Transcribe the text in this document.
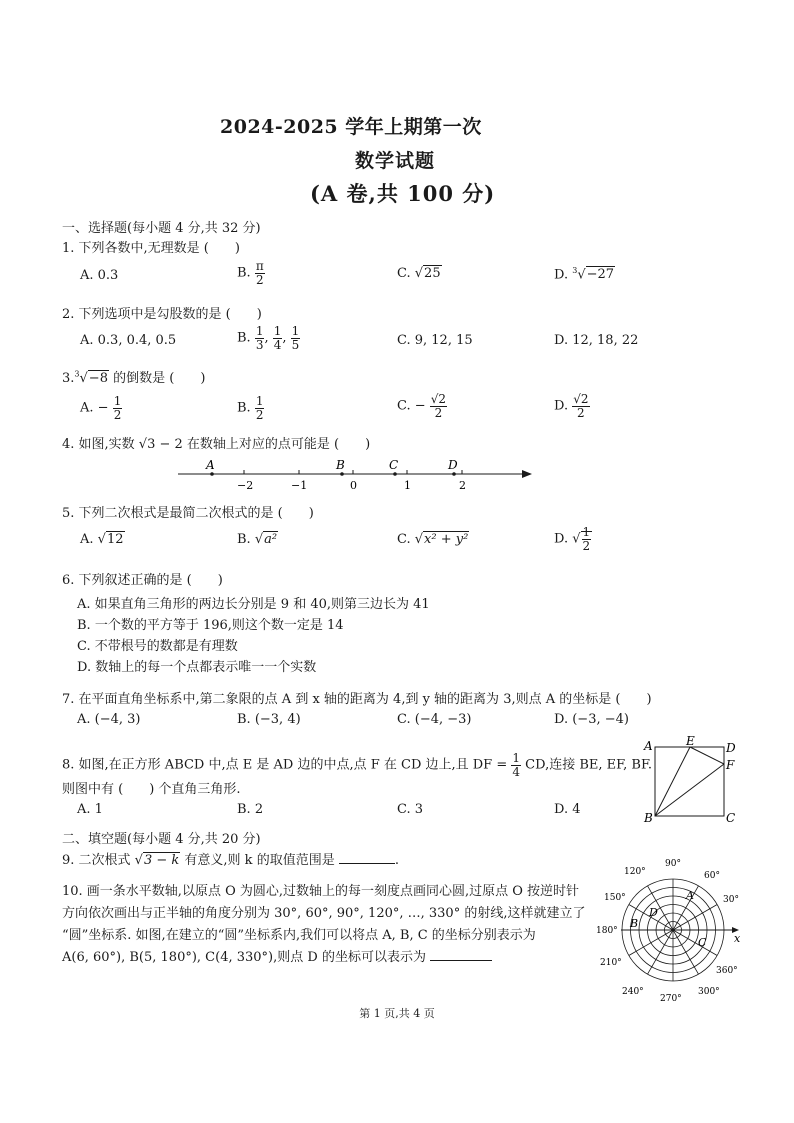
2024-2025 学年上期第一次
数学试题
(A 卷,共 100 分)
一、选择题(每小题 4 分,共 32 分)
1. 下列各数中,无理数是 (　　)
A. 0.3	B. $\frac{\pi}{2}$	C. √25	D. $^3$√−27
2. 下列选项中是勾股数的是 (　　)
A. 0.3, 0.4, 0.5	B. $\frac{1}{3}$ , $\frac{1}{4}$ , $\frac{1}{5}$	C. 9, 12, 15	D. 12, 18, 22
3.$^3$√−8 的倒数是 (　　)
A. − $\frac{1}{2}$	B. $\frac{1}{2}$	C. − $\frac{√2}{2}$	D. $\frac{√2}{2}$
4. 如图,实数 √3 − 2 在数轴上对应的点可能是 (　　)
A	B	C	D
−2	−1	0	1	2
5. 下列二次根式是最简二次根式的是 (　　)
A. √12	B. √a²	C. √x² + y²	D. √ $\frac{1}{2}$
6. 下列叙述正确的是 (　　)
A. 如果直角三角形的两边长分别是 9 和 40,则第三边长为 41
B. 一个数的平方等于 196,则这个数一定是 14
C. 不带根号的数都是有理数
D. 数轴上的每一个点都表示唯一一个实数
7. 在平面直角坐标系中,第二象限的点 A 到 x 轴的距离为 4,到 y 轴的距离为 3,则点 A 的坐标是 (　　)
A. (−4, 3)	B. (−3, 4)	C. (−4, −3)	D. (−3, −4)
8. 如图,在正方形 ABCD 中,点 E 是 AD 边的中点,点 F 在 CD 边上,且 DF = $\frac{1}{4}$ CD,连接 BE, EF, BF.
则图中有 (　　) 个直角三角形.
A. 1	B. 2	C. 3	D. 4
A	E	D
F
B	C
二、填空题(每小题 4 分,共 20 分)
9. 二次根式 √3 − k 有意义,则 k 的取值范围是	.
10. 画一条水平数轴,以原点 O 为圆心,过数轴上的每一刻度点画同心圆,过原点 O 按逆时针
方向依次画出与正半轴的角度分别为 30°, 60°, 90°, 120°, …, 330° 的射线,这样就建立了
“圆”坐标系. 如图,在建立的“圆”坐标系内,我们可以将点 A, B, C 的坐标分别表示为
A(6, 60°), B(5, 180°), C(4, 330°),则点 D 的坐标可以表示为
x
90°
60°
120°
30°
150°
180°
210°
360°
240°
270°
300°
A
D
B
C
第 1 页,共 4 页
